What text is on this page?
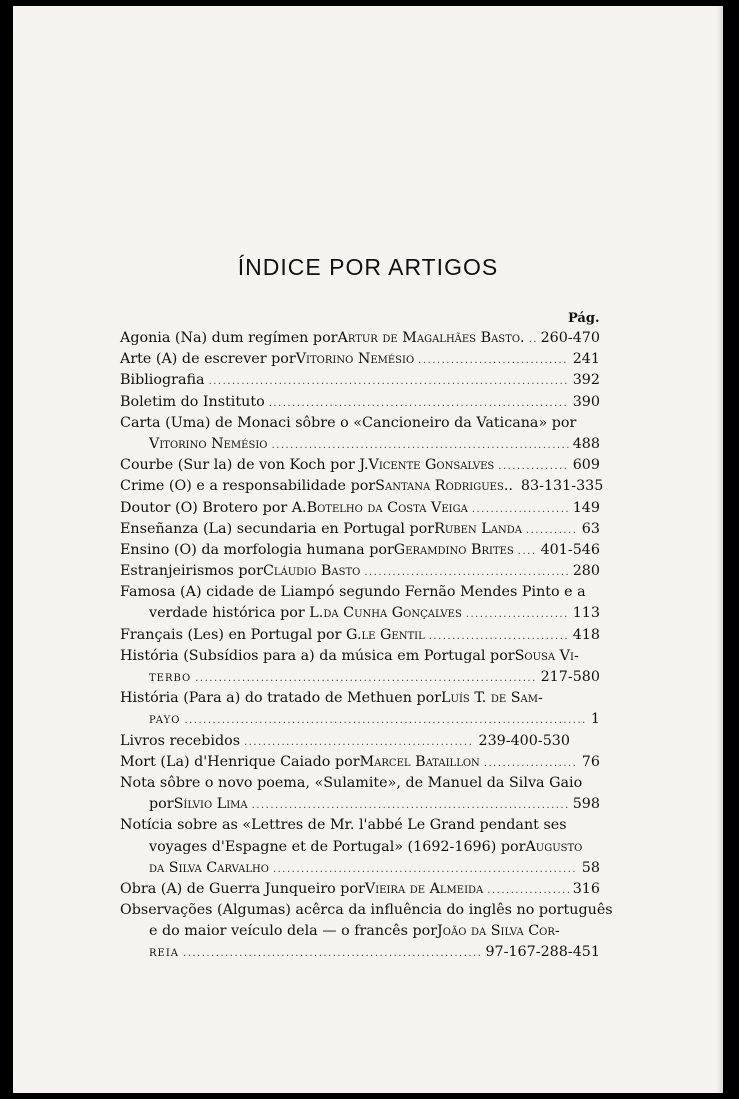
ÍNDICE POR ARTIGOS
Pág.
Agonia (Na) dum regímen por Artur de Magalhães Basto . ..... 260-470
Arte (A) de escrever por Vitorino Nemésio .....	241
Bibliografia .....	392
Boletim do Instituto .....	390
Carta (Uma) de Monaci sôbre o «Cancioneiro da Vaticana» por
Vitorino Nemésio .....	488
Courbe (Sur la) de von Koch por J. Vicente Gonsalves .....	609
Crime (O) e a responsabilidade por Santana Rodrigues .. 83-131-335
Doutor (O) Brotero por A. Botelho da Costa Veiga .....	149
Enseñanza (La) secundaria en Portugal por Ruben Landa .....	63
Ensino (O) da morfologia humana por Geramdino Brites ..... 401-546
Estranjeirismos por Cláudio Basto .....	280
Famosa (A) cidade de Liampó segundo Fernão Mendes Pinto e a
verdade histórica por L. da Cunha Gonçalves .....	113
Français (Les) en Portugal por G. le Gentil .....	418
História (Subsídios para a) da música em Portugal por Sousa Vi-
TERBO .....	217-580
História (Para a) do tratado de Methuen por Luís T. de Sam-
PAYO .....	1
Livros recebidos .....	239-400-530
Mort (La) d'Henrique Caiado por Marcel Bataillon .....	76
Nota sôbre o novo poema, «Sulamite», de Manuel da Silva Gaio
por Sílvio Lima .....	598
Notícia sobre as «Lettres de Mr. l'abbé Le Grand pendant ses
voyages d'Espagne et de Portugal» (1692-1696) por Augusto
da Silva Carvalho .....	58
Obra (A) de Guerra Junqueiro por Vieira de Almeida .....	316
Observações (Algumas) acêrca da influência do inglês no português
e do maior veículo dela — o francês por João da Silva Cor-
REIA .....	97-167-288-451
